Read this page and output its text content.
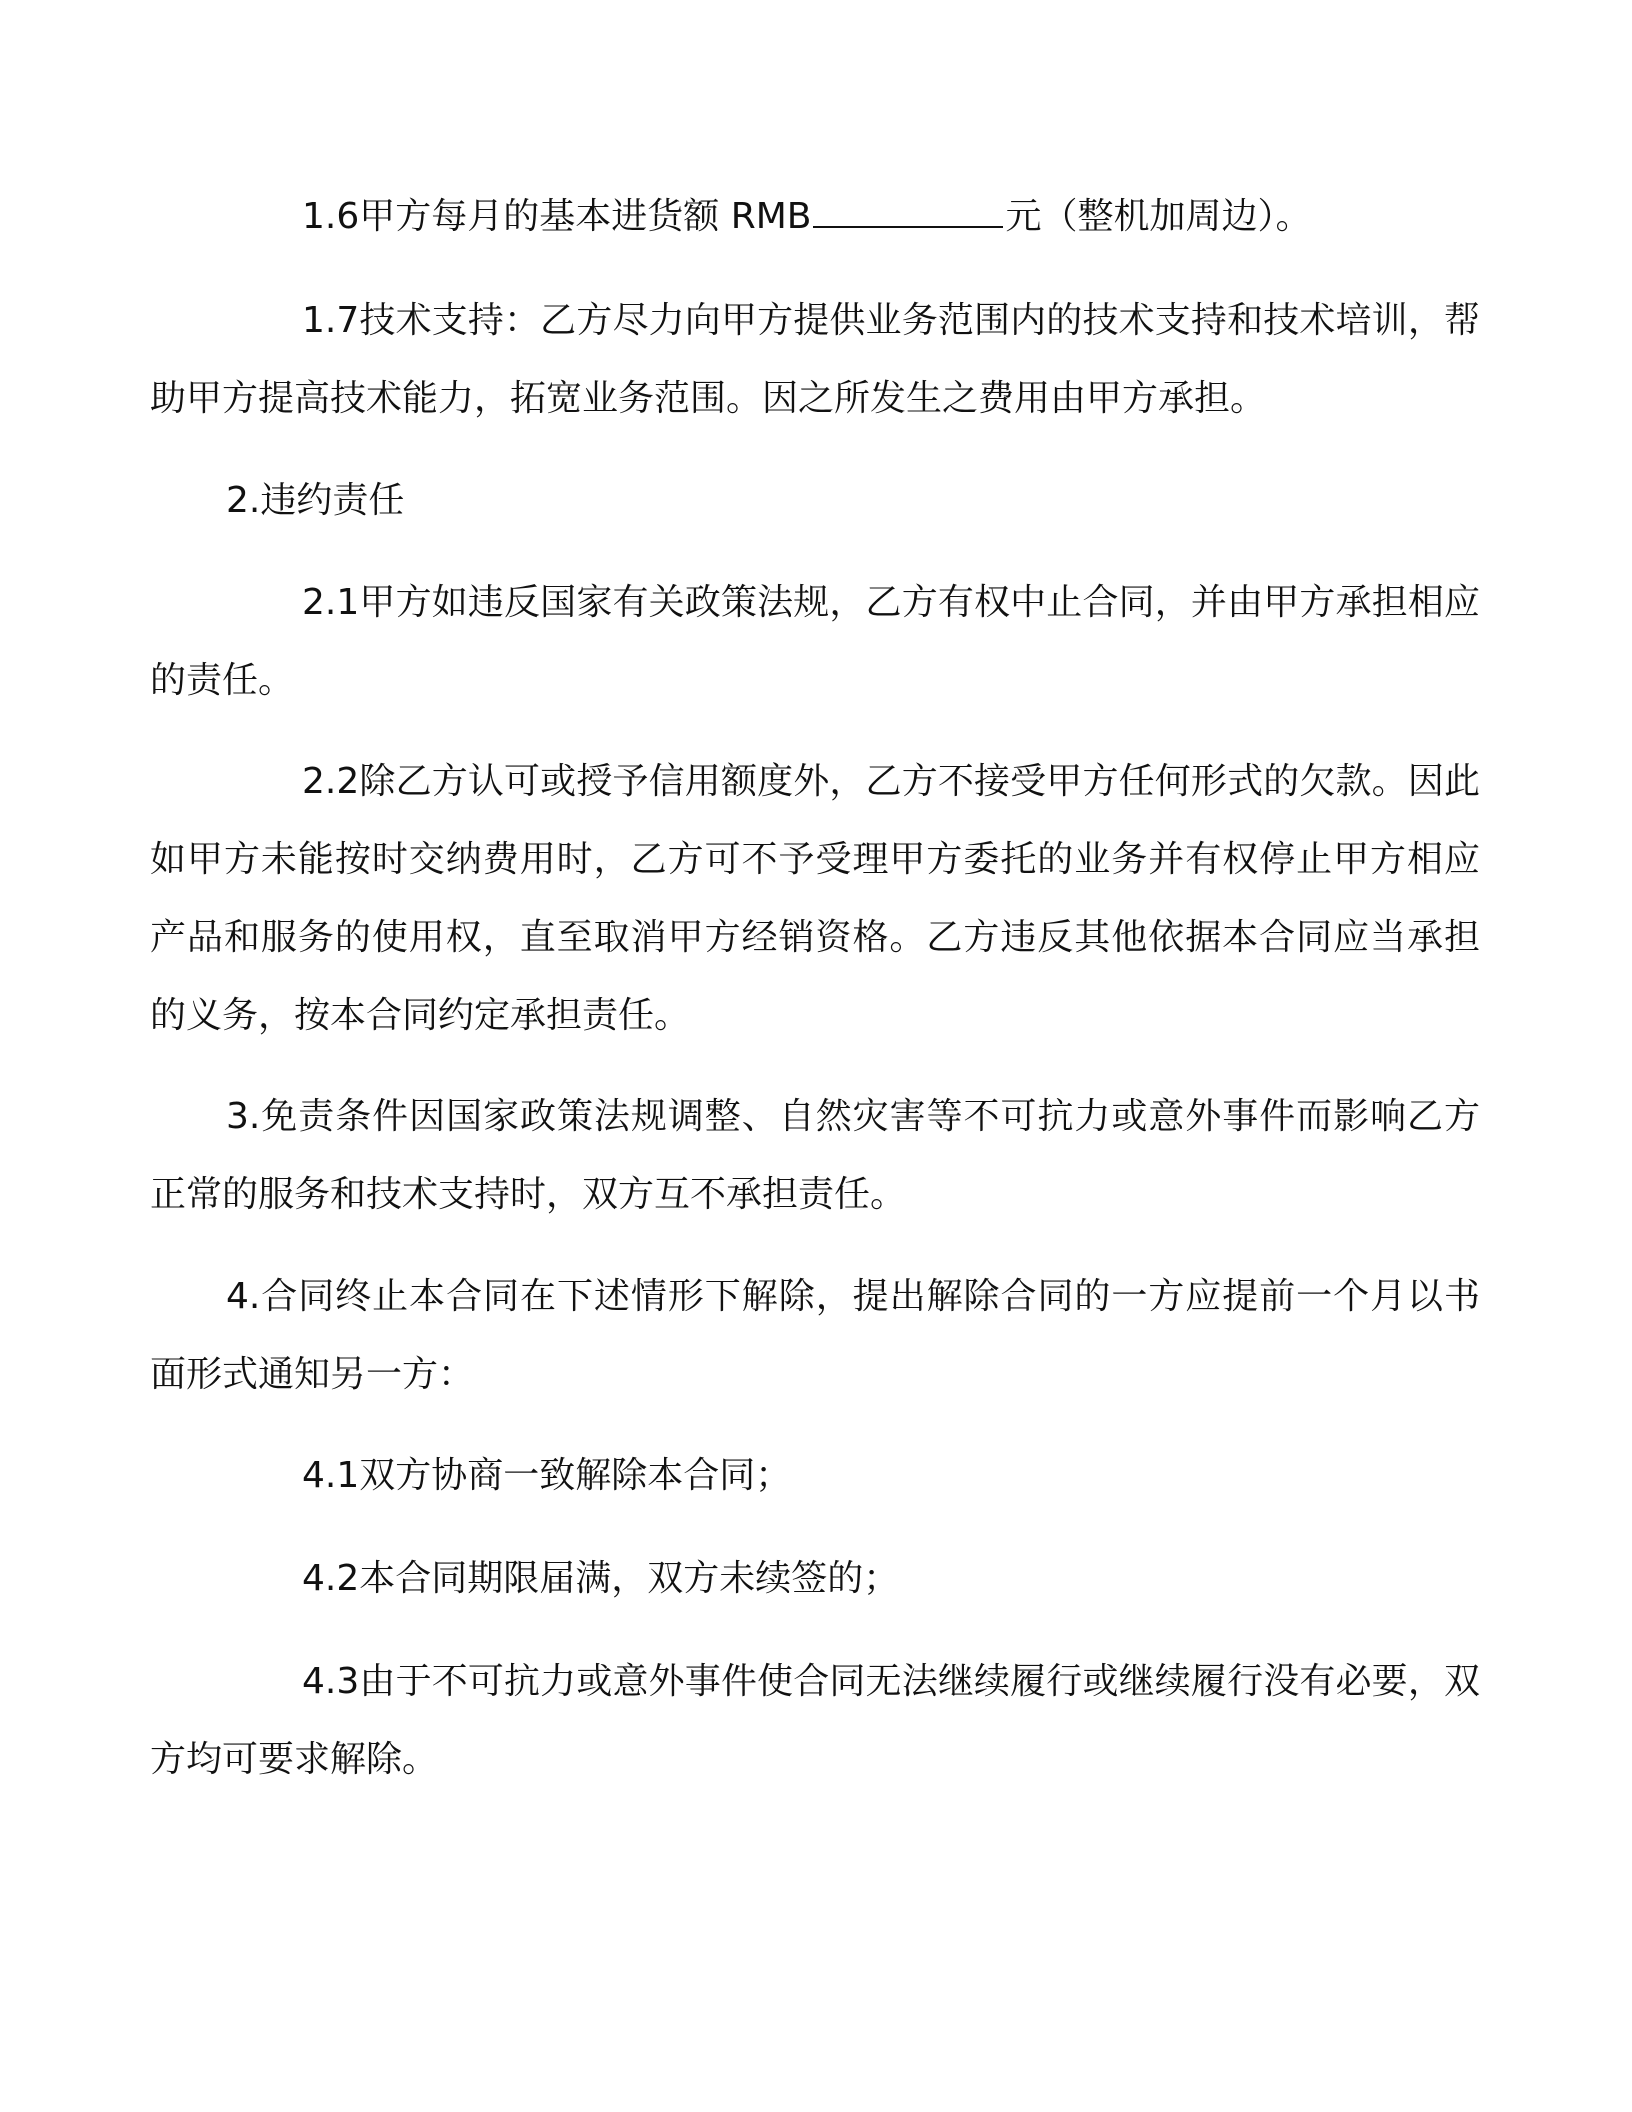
1.6甲方每月的基本进货额 RMB	元（整机加周边）。

1.7技术支持：乙方尽力向甲方提供业务范围内的技术支持和技术培训，帮助甲方提高技术能力，拓宽业务范围。因之所发生之费用由甲方承担。

2.违约责任

2.1甲方如违反国家有关政策法规，乙方有权中止合同，并由甲方承担相应的责任。

2.2除乙方认可或授予信用额度外，乙方不接受甲方任何形式的欠款。因此如甲方未能按时交纳费用时，乙方可不予受理甲方委托的业务并有权停止甲方相应产品和服务的使用权，直至取消甲方经销资格。乙方违反其他依据本合同应当承担的义务，按本合同约定承担责任。

3.免责条件因国家政策法规调整、自然灾害等不可抗力或意外事件而影响乙方正常的服务和技术支持时，双方互不承担责任。

4.合同终止本合同在下述情形下解除，提出解除合同的一方应提前一个月以书面形式通知另一方：

4.1双方协商一致解除本合同；

4.2本合同期限届满，双方未续签的；

4.3由于不可抗力或意外事件使合同无法继续履行或继续履行没有必要，双方均可要求解除。
